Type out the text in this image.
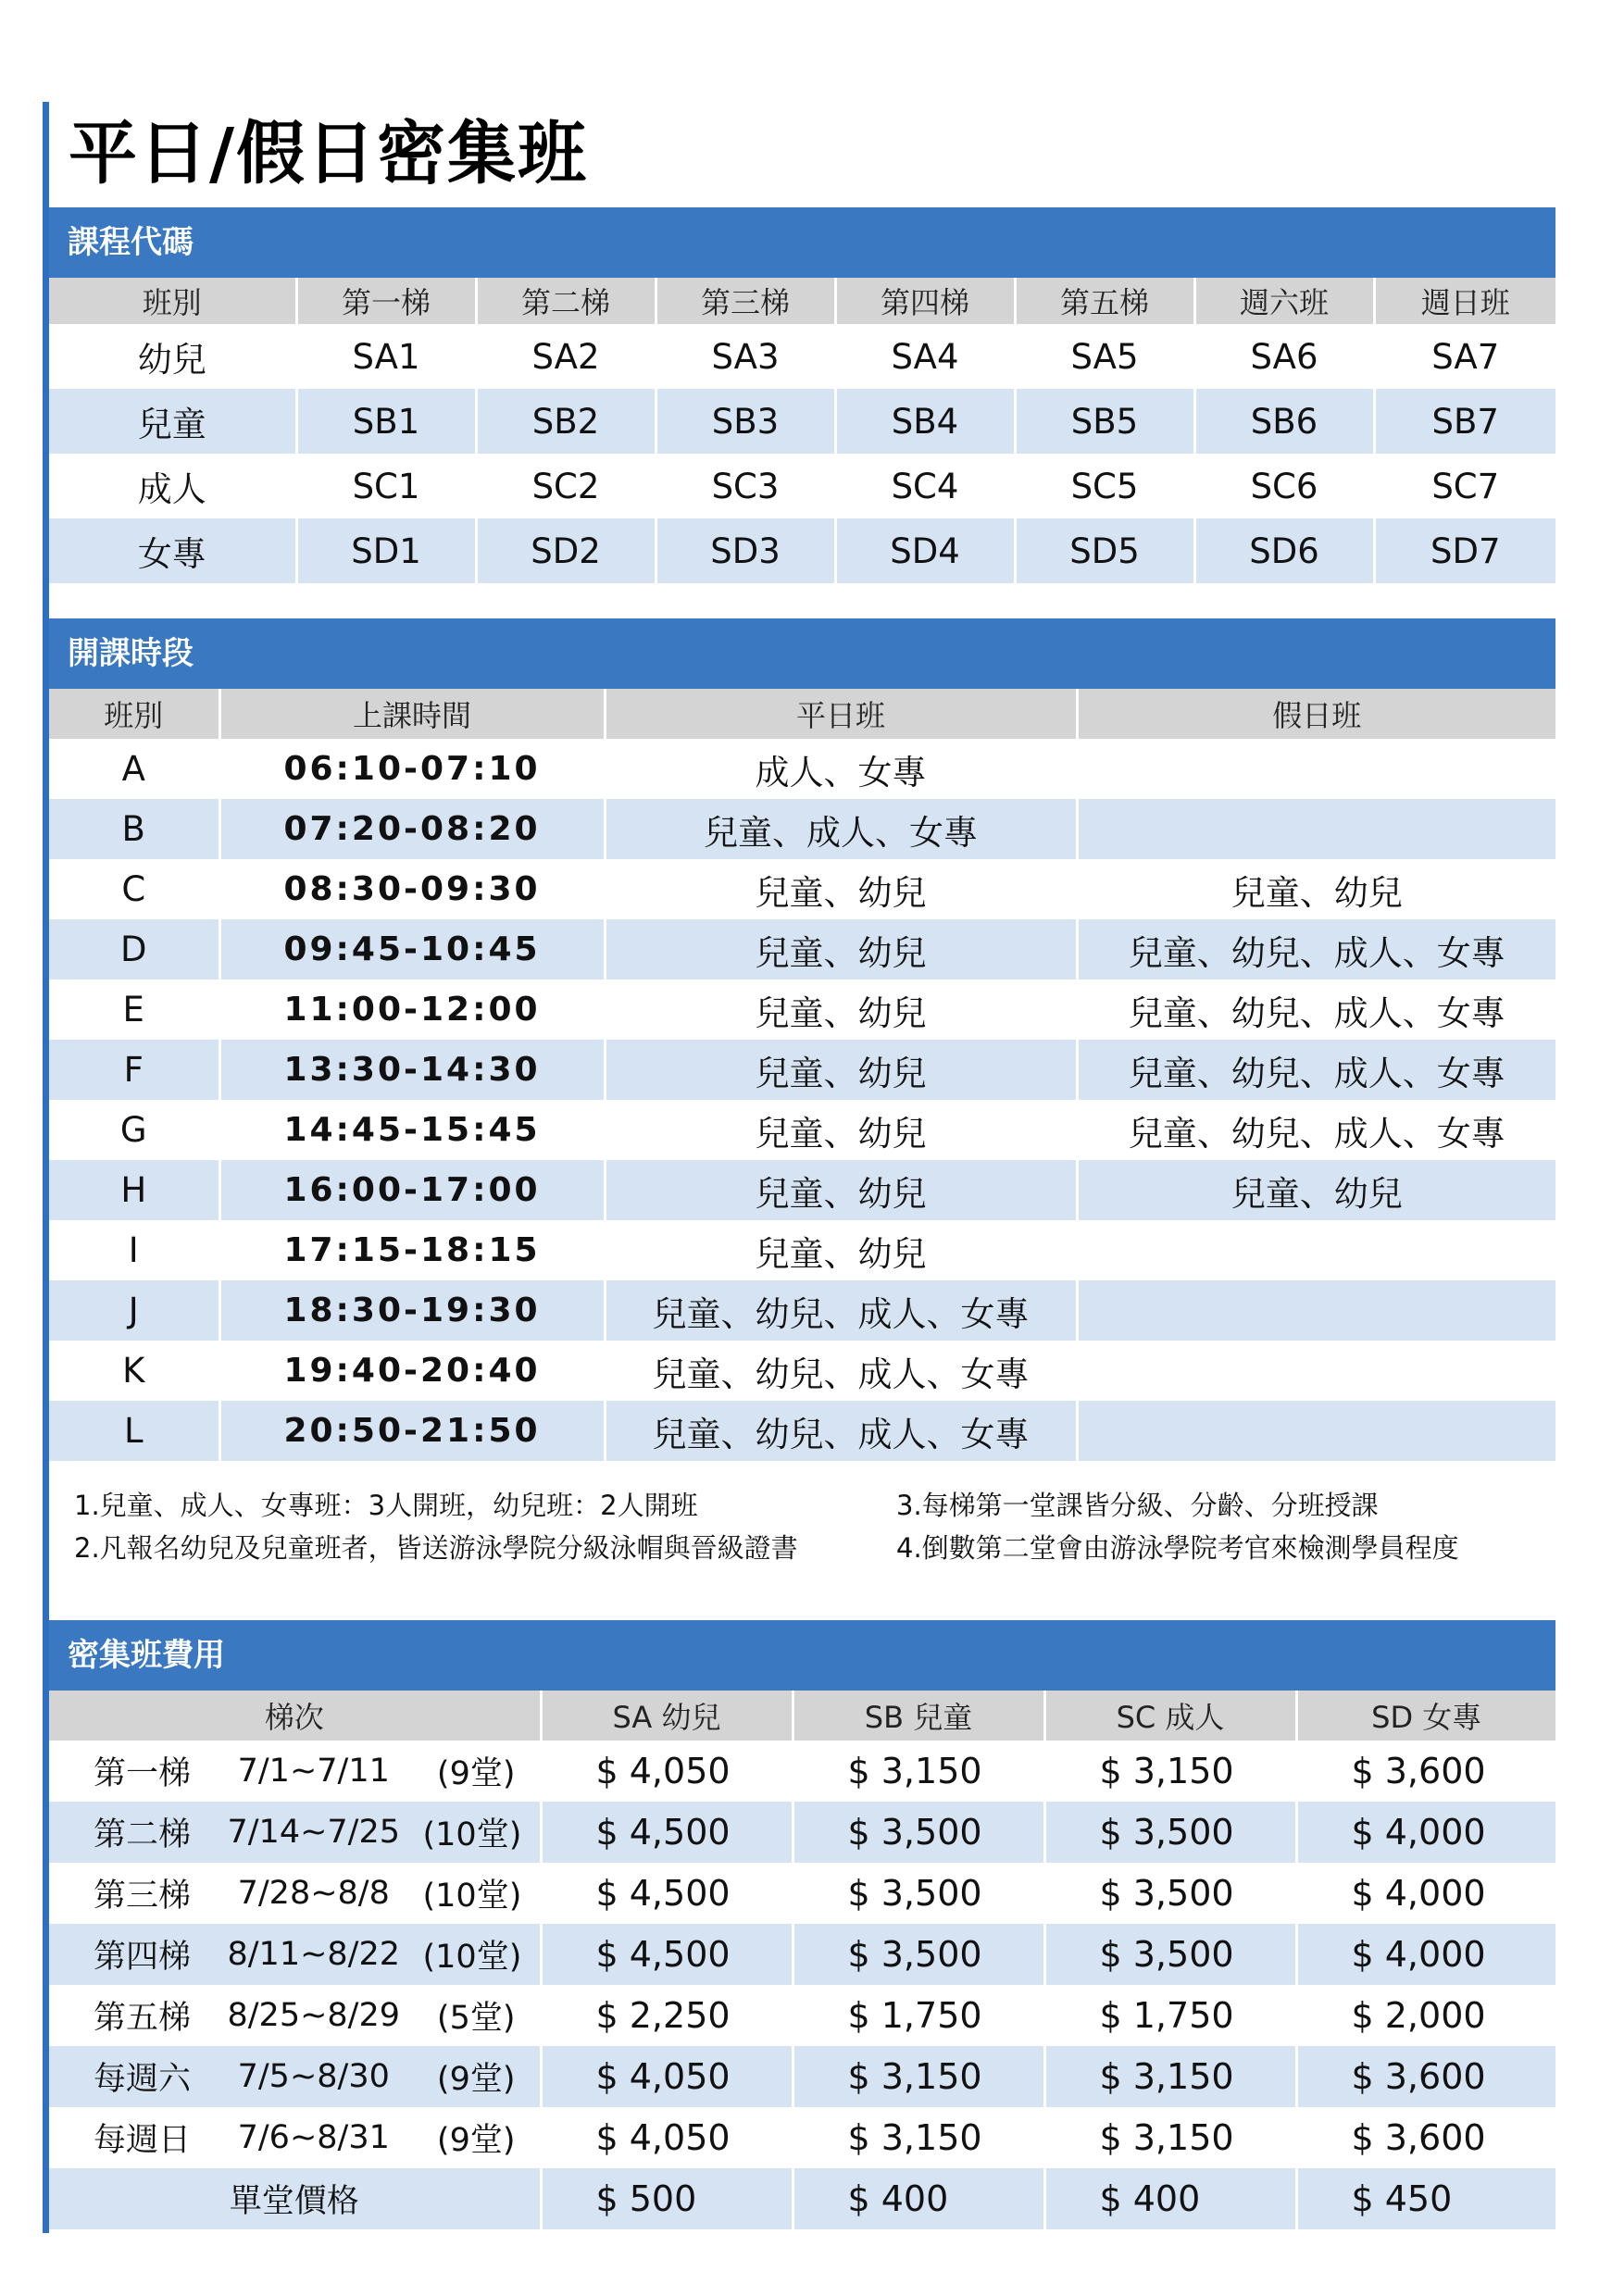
平日/假日密集班
課程代碼
班別	第一梯	第二梯	第三梯	第四梯	第五梯	週六班	週日班
幼兒	SA1	SA2	SA3	SA4	SA5	SA6	SA7
兒童	SB1	SB2	SB3	SB4	SB5	SB6	SB7
成人	SC1	SC2	SC3	SC4	SC5	SC6	SC7
女專	SD1	SD2	SD3	SD4	SD5	SD6	SD7
開課時段
班別	上課時間	平日班	假日班
A	06:10-07:10	成人、女專	
B	07:20-08:20	兒童、成人、女專	
C	08:30-09:30	兒童、幼兒	兒童、幼兒
D	09:45-10:45	兒童、幼兒	兒童、幼兒、成人、女專
E	11:00-12:00	兒童、幼兒	兒童、幼兒、成人、女專
F	13:30-14:30	兒童、幼兒	兒童、幼兒、成人、女專
G	14:45-15:45	兒童、幼兒	兒童、幼兒、成人、女專
H	16:00-17:00	兒童、幼兒	兒童、幼兒
I	17:15-18:15	兒童、幼兒	
J	18:30-19:30	兒童、幼兒、成人、女專	
K	19:40-20:40	兒童、幼兒、成人、女專	
L	20:50-21:50	兒童、幼兒、成人、女專	
1.兒童、成人、女專班：3人開班，幼兒班：2人開班
2.凡報名幼兒及兒童班者，皆送游泳學院分級泳帽與晉級證書
3.每梯第一堂課皆分級、分齡、分班授課
4.倒數第二堂會由游泳學院考官來檢測學員程度
密集班費用
梯次	SA 幼兒	SB 兒童	SC 成人	SD 女專

第一梯 7/1~7/11 (9堂)	$ 4,050	$ 3,150	$ 3,150	$ 3,600

第二梯 7/14~7/25 (10堂)	$ 4,500	$ 3,500	$ 3,500	$ 4,000

第三梯 7/28~8/8 (10堂)	$ 4,500	$ 3,500	$ 3,500	$ 4,000

第四梯 8/11~8/22 (10堂)	$ 4,500	$ 3,500	$ 3,500	$ 4,000

第五梯 8/25~8/29 (5堂)	$ 2,250	$ 1,750	$ 1,750	$ 2,000

每週六 7/5~8/30 (9堂)	$ 4,050	$ 3,150	$ 3,150	$ 3,600

每週日 7/6~8/31 (9堂)	$ 4,050	$ 3,150	$ 3,150	$ 3,600
單堂價格	$ 500	$ 400	$ 400	$ 450
